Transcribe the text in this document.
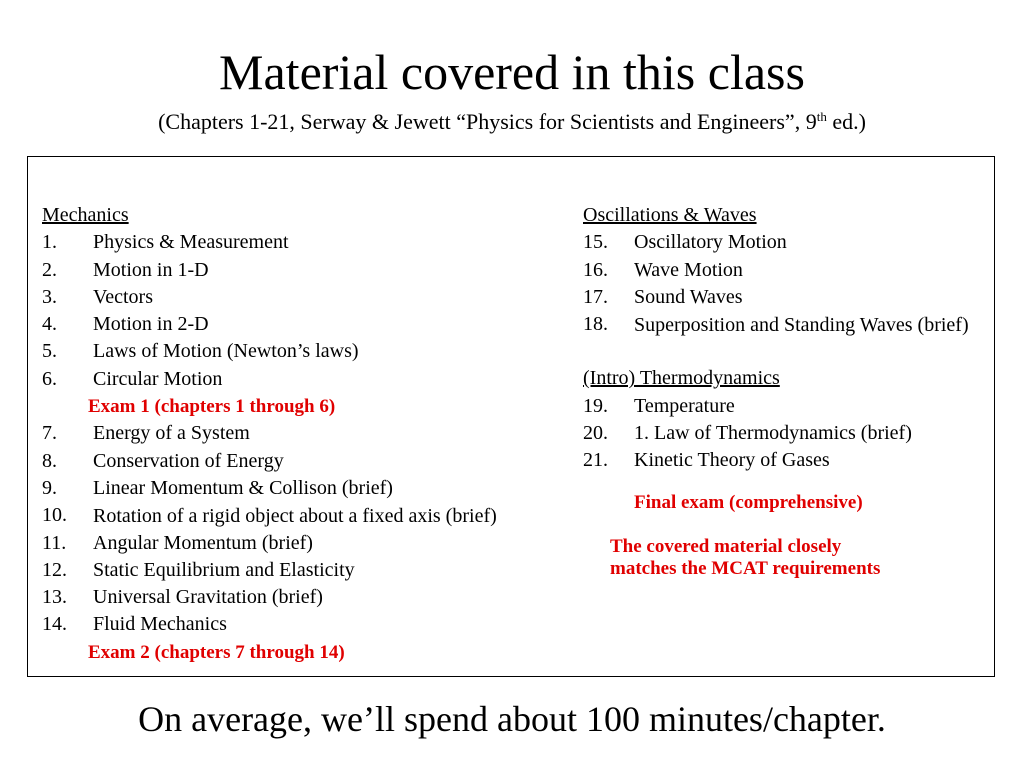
Material covered in this class
(Chapters 1-21, Serway & Jewett “Physics for Scientists and Engineers”, 9th ed.)
Mechanics
1.	Physics & Measurement
2.	Motion in 1-D
3.	Vectors
4.	Motion in 2-D
5.	Laws of Motion (Newton’s laws)
6.	Circular Motion
Exam 1 (chapters 1 through 6)
7.	Energy of a System
8.	Conservation of Energy
9.	Linear Momentum & Collison (brief)
10.	Rotation of a rigid object about a fixed axis (brief)
11.	Angular Momentum (brief)
12.	Static Equilibrium and Elasticity
13.	Universal Gravitation (brief)
14.	Fluid Mechanics
Exam 2 (chapters 7 through 14)
Oscillations & Waves
15.	Oscillatory Motion
16.	Wave Motion
17.	Sound Waves
18.	Superposition and Standing Waves (brief)
(Intro) Thermodynamics
19.	Temperature
20.	1. Law of Thermodynamics (brief)
21.	Kinetic Theory of Gases
Final exam (comprehensive)
The covered material closely
matches the MCAT requirements
On average, we’ll spend about 100 minutes/chapter.
